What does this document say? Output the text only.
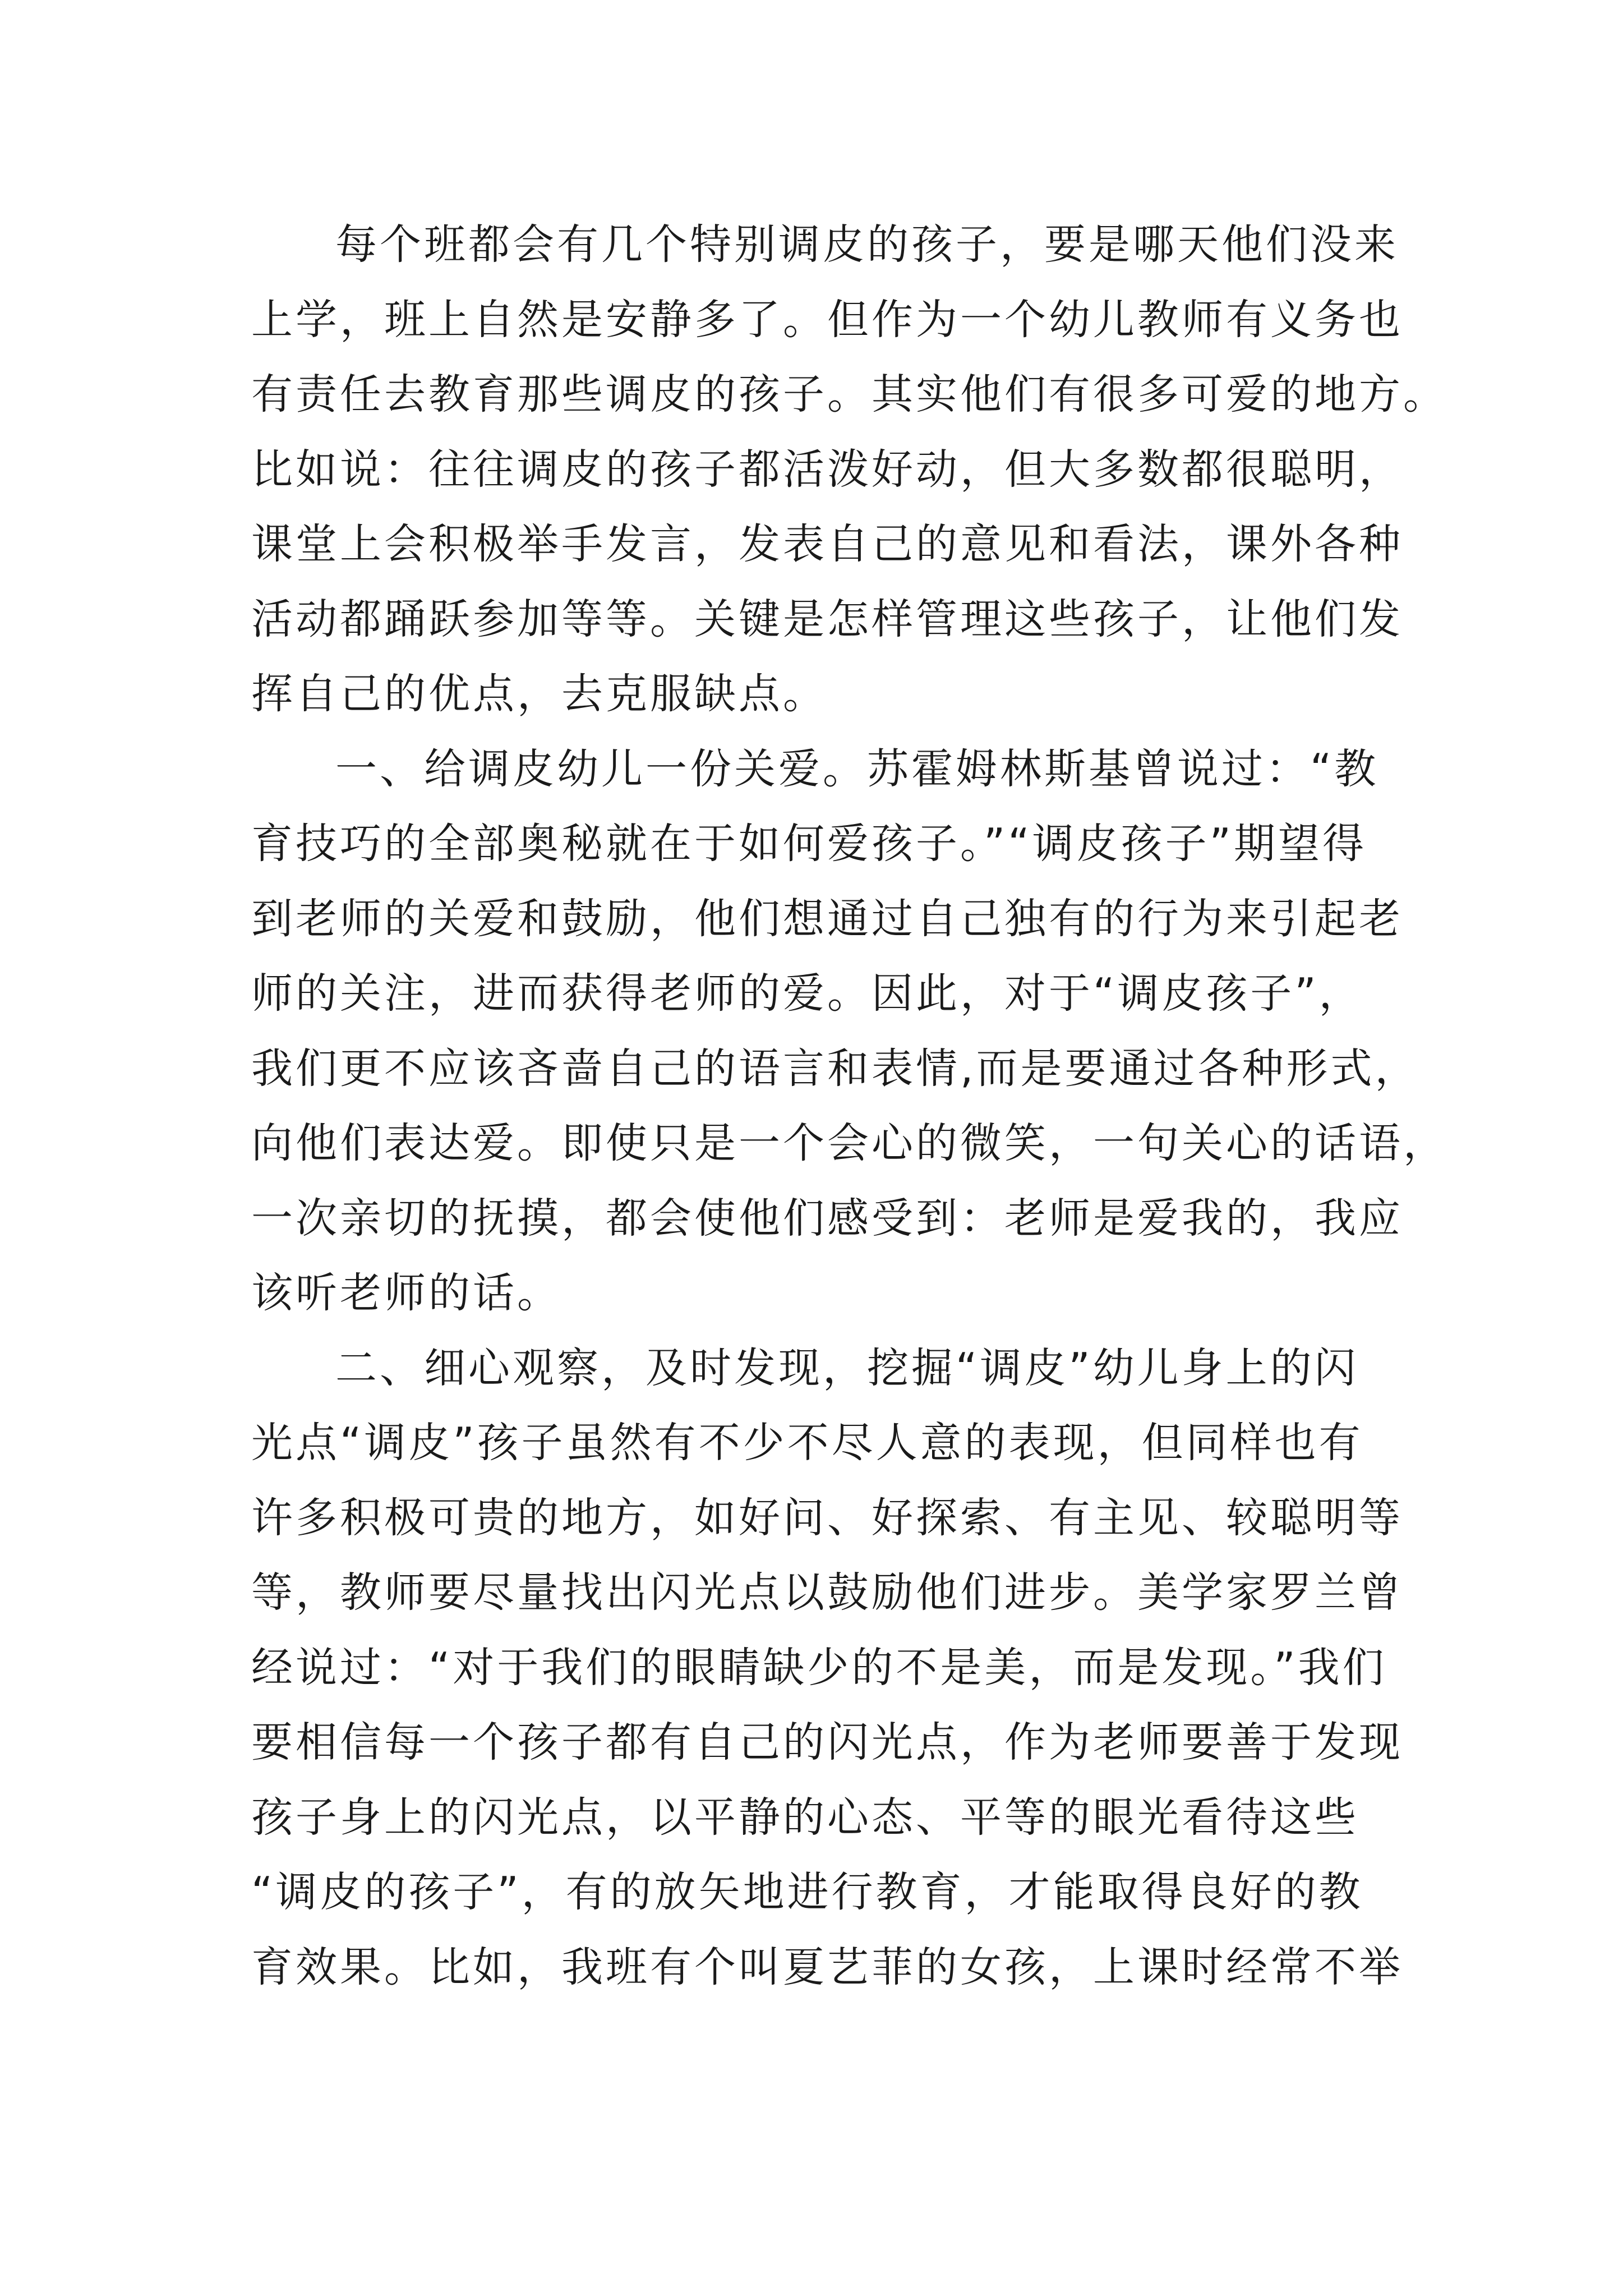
每个班都会有几个特别调皮的孩子，要是哪天他们没来
上学，班上自然是安静多了。但作为一个幼儿教师有义务也
有责任去教育那些调皮的孩子。其实他们有很多可爱的地方。
比如说：往往调皮的孩子都活泼好动，但大多数都很聪明，
课堂上会积极举手发言，发表自己的意见和看法，课外各种
活动都踊跃参加等等。关键是怎样管理这些孩子，让他们发
挥自己的优点，去克服缺点。
一、给调皮幼儿一份关爱。苏霍姆林斯基曾说过：“教
育技巧的全部奥秘就在于如何爱孩子。”“调皮孩子”期望得
到老师的关爱和鼓励，他们想通过自己独有的行为来引起老
师的关注，进而获得老师的爱。因此，对于“调皮孩子”，
我们更不应该吝啬自己的语言和表情,而是要通过各种形式，
向他们表达爱。即使只是一个会心的微笑，一句关心的话语，
一次亲切的抚摸，都会使他们感受到：老师是爱我的，我应
该听老师的话。
二、细心观察，及时发现，挖掘“调皮”幼儿身上的闪
光点“调皮”孩子虽然有不少不尽人意的表现，但同样也有
许多积极可贵的地方，如好问、好探索、有主见、较聪明等
等，教师要尽量找出闪光点以鼓励他们进步。美学家罗兰曾
经说过：“对于我们的眼睛缺少的不是美，而是发现。”我们
要相信每一个孩子都有自己的闪光点，作为老师要善于发现
孩子身上的闪光点，以平静的心态、平等的眼光看待这些
“调皮的孩子”，有的放矢地进行教育，才能取得良好的教
育效果。比如，我班有个叫夏艺菲的女孩，上课时经常不举
